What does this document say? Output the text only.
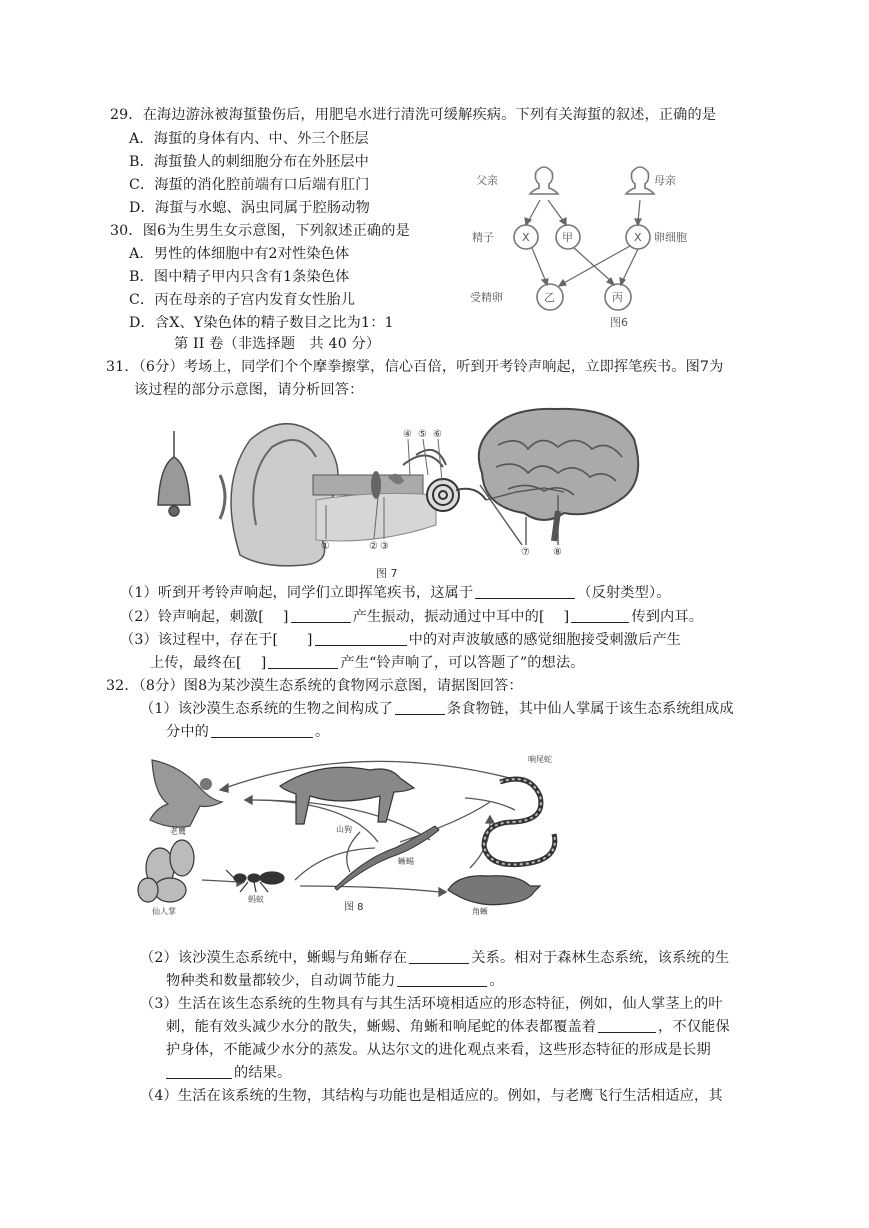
29．在海边游泳被海蜇蛰伤后，用肥皂水进行清洗可缓解疾病。下列有关海蜇的叙述，正确的是
A．海蜇的身体有内、中、外三个胚层
B．海蜇蛰人的刺细胞分布在外胚层中
C．海蜇的消化腔前端有口后端有肛门
D．海蜇与水螅、涡虫同属于腔肠动物
30．图6为生男生女示意图，下列叙述正确的是
A．男性的体细胞中有2对性染色体
B．图中精子甲内只含有1条染色体
C．丙在母亲的子宫内发育女性胎儿
D．含X、Y染色体的精子数目之比为1：1
父亲	母亲
精子	卵细胞
受精卵
X	甲	X
乙	丙
图6
第 II 卷（非选择题　共 40 分）
31．（6分）考场上，同学们个个摩拳擦掌，信心百倍，听到开考铃声响起，立即挥笔疾书。图7为
该过程的部分示意图，请分析回答：
①	② ③
④ ⑤ ⑥
⑦ ⑧
图 7
（1）听到开考铃声响起，同学们立即挥笔疾书，这属于	（反射类型）。
（2）铃声响起，刺激[　 ]	产生振动，振动通过中耳中的[　 ]	传到内耳。
（3）该过程中，存在于[　　]	中的对声波敏感的感觉细胞接受刺激后产生
上传，最终在[　 ]	产生“铃声响了，可以答题了”的想法。
32．（8分）图8为某沙漠生态系统的食物网示意图，请据图回答：
（1）该沙漠生态系统的生物之间构成了	条食物链，其中仙人掌属于该生态系统组成成
分中的	。
老鹰	山狗
响尾蛇
蜥蜴
仙人掌
蚂蚁
角蜥
图 8
（2）该沙漠生态系统中，蜥蜴与角蜥存在	关系。相对于森林生态系统，该系统的生
物种类和数量都较少，自动调节能力	。
（3）生活在该生态系统的生物具有与其生活环境相适应的形态特征，例如，仙人掌茎上的叶
刺，能有效头减少水分的散失，蜥蜴、角蜥和响尾蛇的体表都覆盖着	，不仅能保
护身体，不能减少水分的蒸发。从达尔文的进化观点来看，这些形态特征的形成是长期
的结果。
（4）生活在该系统的生物，其结构与功能也是相适应的。例如，与老鹰飞行生活相适应，其
